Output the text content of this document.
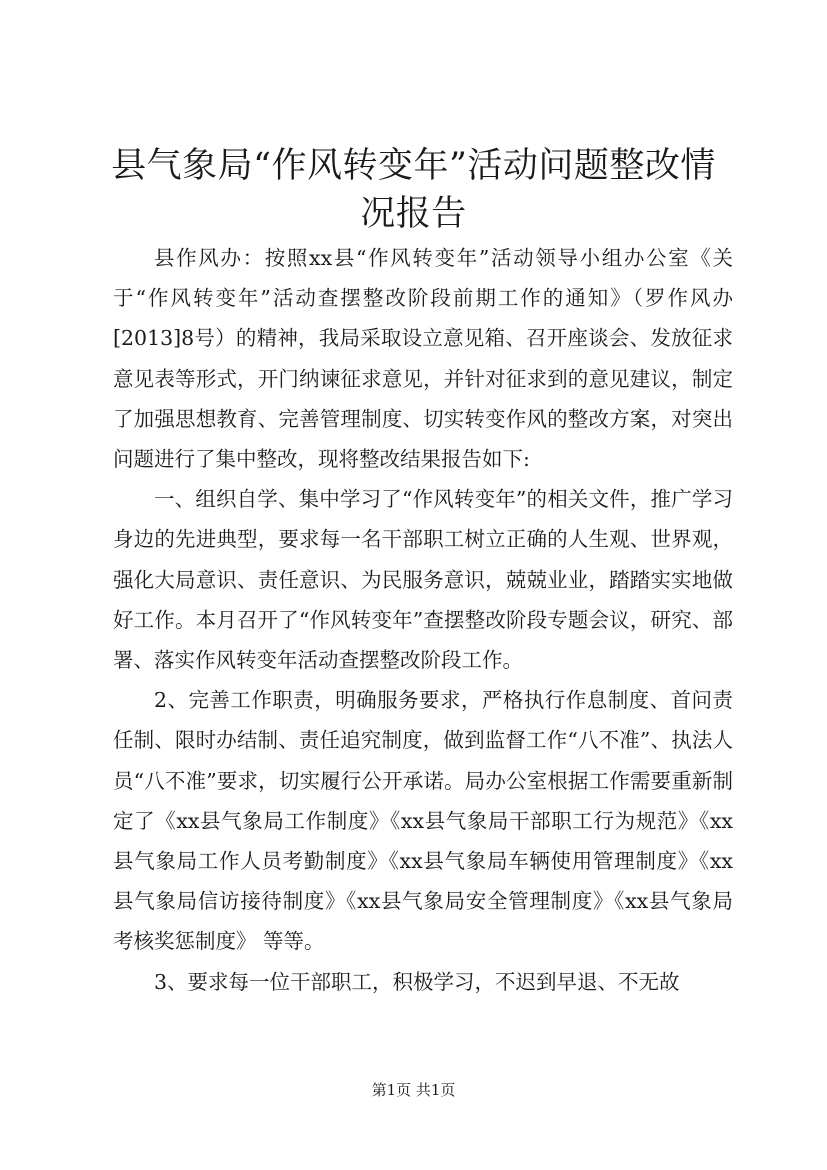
县气象局“作风转变年”活动问题整改情况报告

县作风办：按照xx县“作风转变年”活动领导小组办公室《关于“作风转变年”活动查摆整改阶段前期工作的通知》（罗作风办[2013]8号）的精神，我局采取设立意见箱、召开座谈会、发放征求意见表等形式，开门纳谏征求意见，并针对征求到的意见建议，制定了加强思想教育、完善管理制度、切实转变作风的整改方案，对突出问题进行了集中整改，现将整改结果报告如下:

一、组织自学、集中学习了“作风转变年”的相关文件，推广学习身边的先进典型，要求每一名干部职工树立正确的人生观、世界观，强化大局意识、责任意识、为民服务意识，兢兢业业，踏踏实实地做好工作。本月召开了“作风转变年”查摆整改阶段专题会议，研究、部署、落实作风转变年活动查摆整改阶段工作。

2、完善工作职责，明确服务要求，严格执行作息制度、首问责任制、限时办结制、责任追究制度，做到监督工作“八不准”、执法人员“八不准”要求，切实履行公开承诺。局办公室根据工作需要重新制定了《xx县气象局工作制度》《xx县气象局干部职工行为规范》《xx县气象局工作人员考勤制度》《xx县气象局车辆使用管理制度》《xx县气象局信访接待制度》《xx县气象局安全管理制度》《xx县气象局考核奖惩制度》 等等。

3、要求每一位干部职工，积极学习，不迟到早退、不无故

第1页 共1页
